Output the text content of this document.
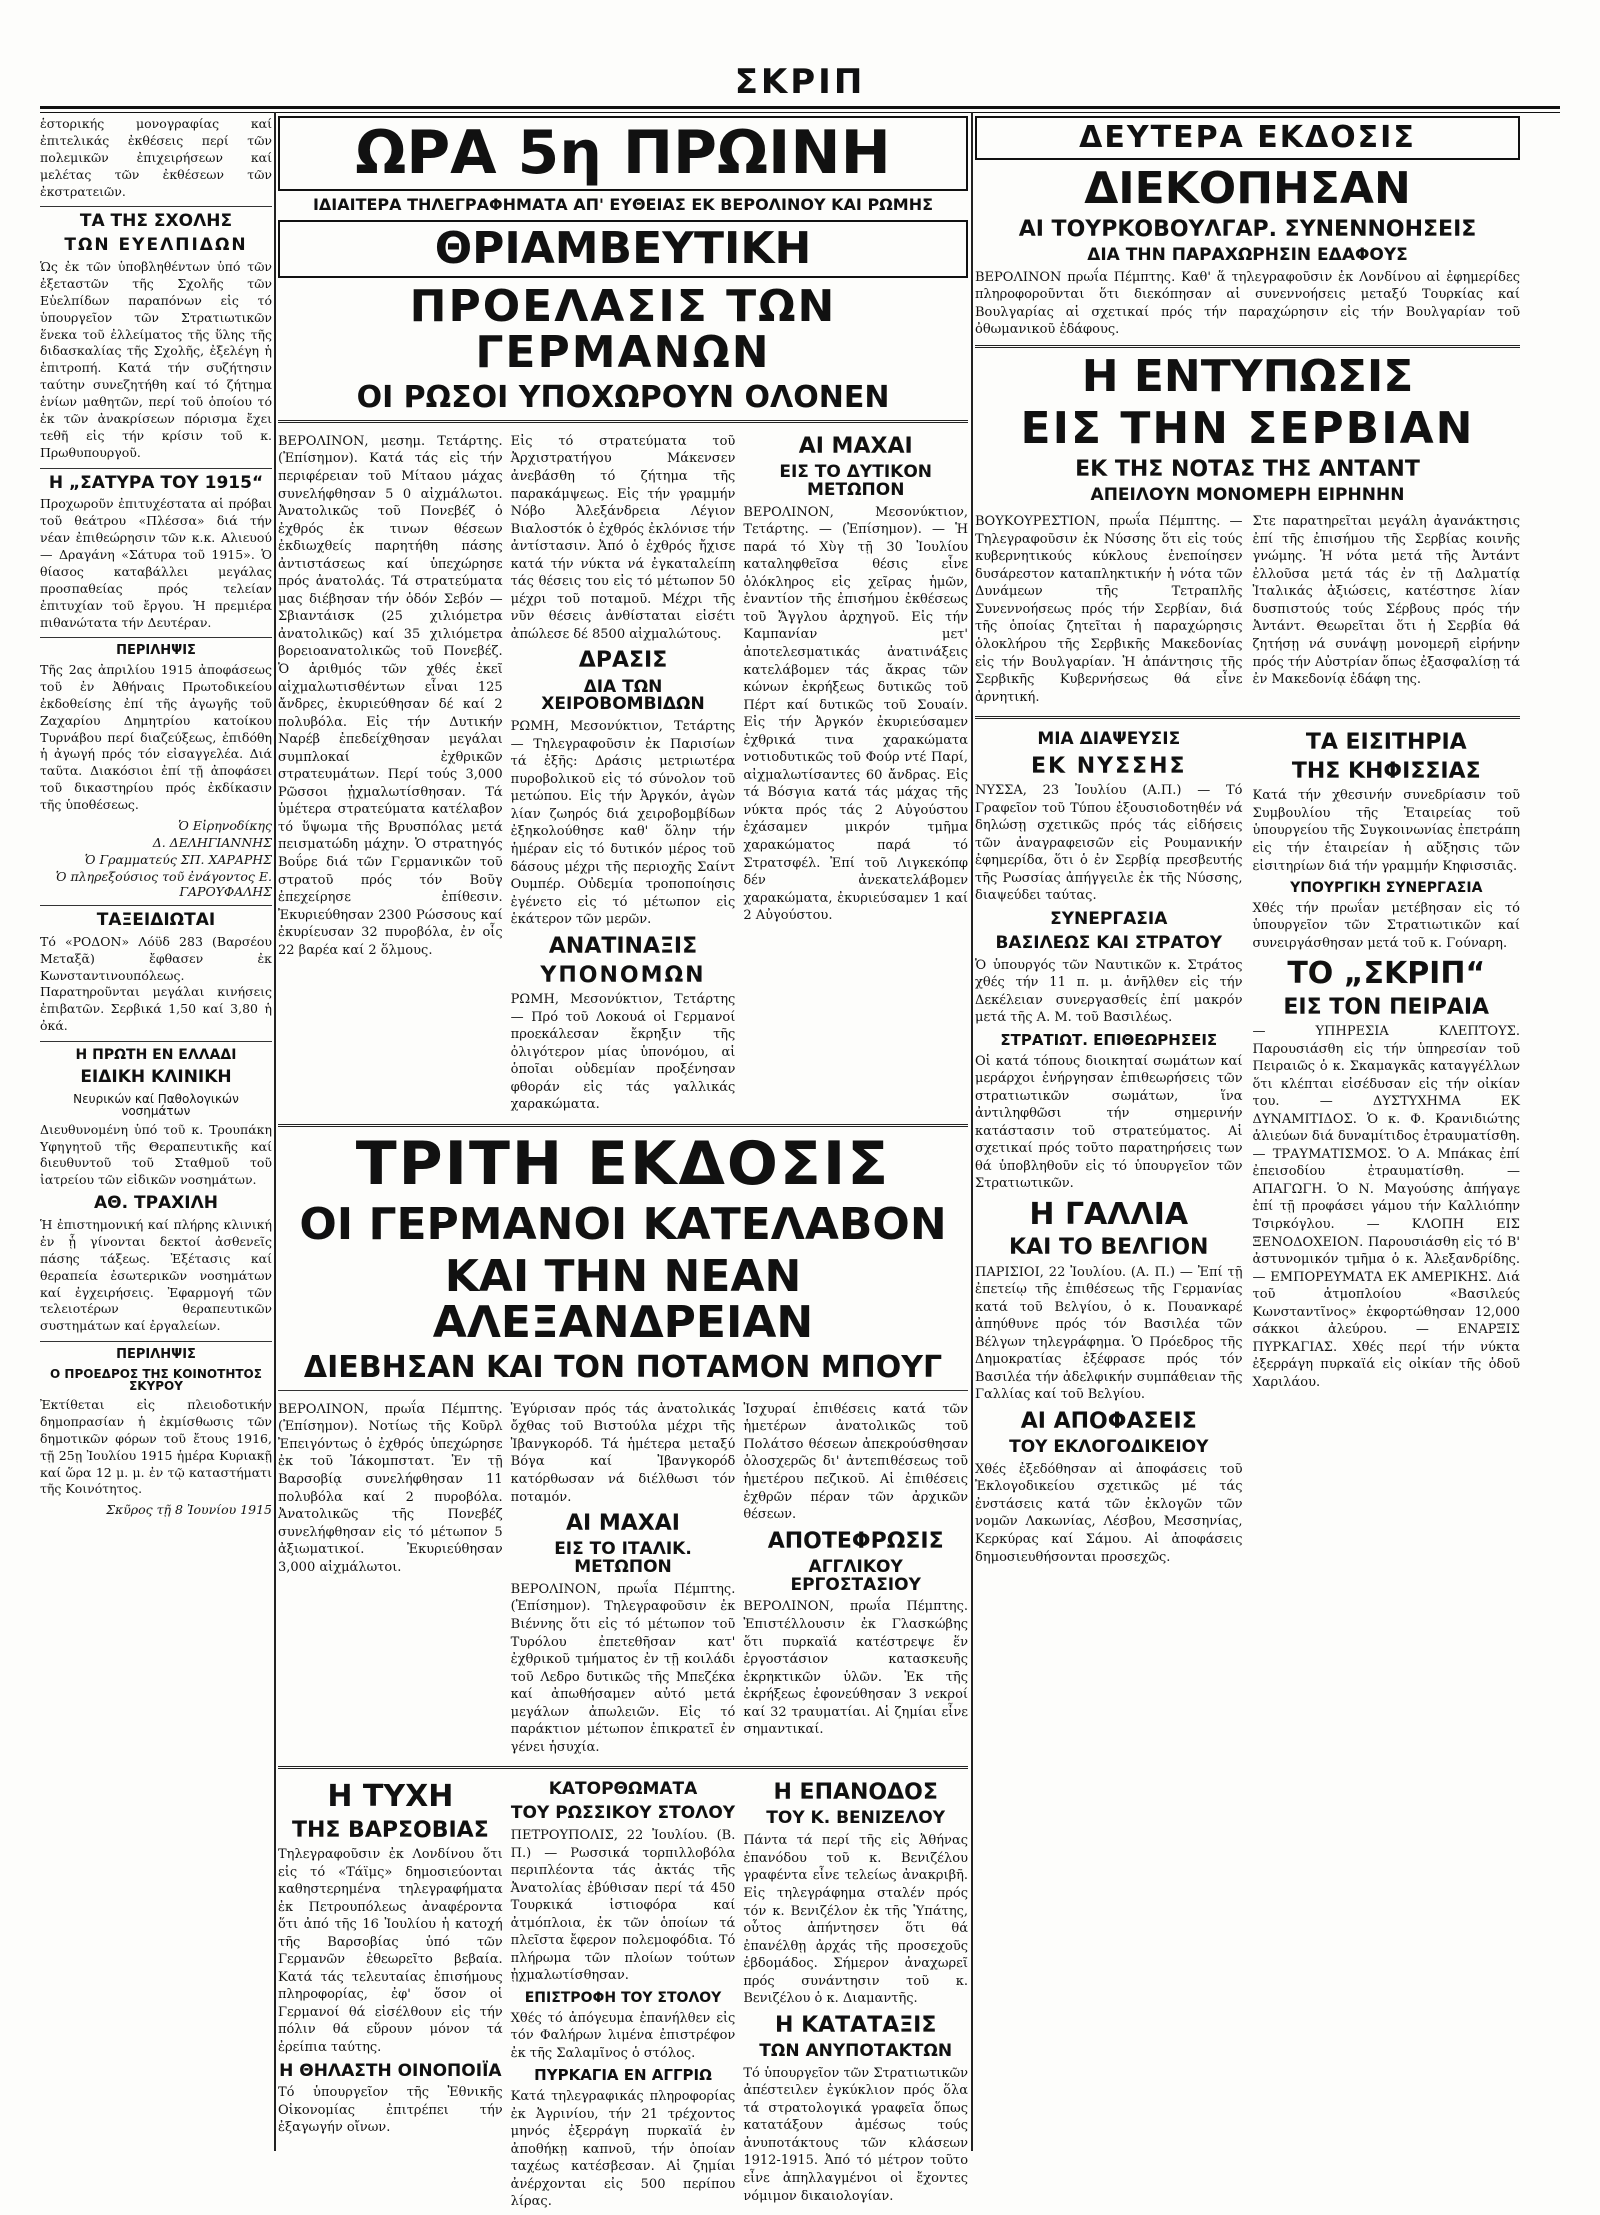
ΣΚΡΙΠ

ἑστορικής μονογραφίας καί ἐπιτελικάς ἐκθέσεις περί τῶν πολεμικῶν ἐπιχειρήσεων καί μελέτας τῶν ἐκθέσεων τῶν ἐκστρατειῶν.

ΤΑ ΤΗΣ ΣΧΟΛΗΣ
ΤΩΝ ΕΥΕΛΠΙΔΩΝ

Ὡς ἐκ τῶν ὑποβληθέντων ὑπό τῶν ἐξεταστῶν τῆς Σχολῆς τῶν Εὐελπίδων παραπόνων εἰς τό ὑπουργεῖον τῶν Στρατιωτικῶν ἕνεκα τοῦ ἐλλείματος τῆς ὕλης τῆς διδασκαλίας τῆς Σχολῆς, ἐξελέγη ἡ ἐπιτροπή. Κατά τήν συζήτησιν ταύτην συνεζητήθη καί τό ζήτημα ἑνίων μαθητῶν, περί τοῦ ὁποίου τό ἐκ τῶν ἀνακρίσεων πόρισμα ἔχει τεθῆ εἰς τήν κρίσιν τοῦ κ. Πρωθυπουργοῦ.

Η „ΣΑΤΥΡΑ ΤΟΥ 1915“

Προχωροῦν ἐπιτυχέστατα αἱ πρόβαι τοῦ θεάτρου «Πλέσσα» διά τήν νέαν ἐπιθεώρησιν τῶν κ.κ. Αλιευού — Δραγάνη «Σάτυρα τοῦ 1915». Ὁ θίασος καταβάλλει μεγάλας προσπαθείας πρός τελείαν ἐπιτυχίαν τοῦ ἔργου. Ἡ πρεμιέρα πιθανώτατα τήν Δευτέραν.

ΠΕΡΙΛΗΨΙΣ

Τῆς 2ας ἀπριλίου 1915 ἀποφάσεως τοῦ ἐν Ἀθήναις Πρωτοδικείου ἐκδοθείσης ἐπί τῆς ἀγωγῆς τοῦ Ζαχαρίου Δημητρίου κατοίκου Τυρνάβου περί διαζεύξεως, ἐπιδόθη ἡ ἀγωγή πρός τόν εἰσαγγελέα. Διά ταῦτα. Διακόσιοι ἐπί τῇ ἀποφάσει τοῦ δικαστηρίου πρός ἐκδίκασιν τῆς ὑποθέσεως.

Ὁ Εἰρηνοδίκης
Δ. ΔΕΛΗΓΙΑΝΝΗΣ
Ὁ Γραμματεύς ΣΠ. ΧΑΡΑΡΗΣ
Ὁ πληρεξούσιος τοῦ ἐνάγοντος Ε. ΓΑΡΟΥΦΑΛΗΣ
ΤΑΞΕΙΔΙΩΤΑΙ

Τό «ΡΟΔΟΝ» Λόϋδ 283 (Βαρσέου Μεταξᾶ) ἔφθασεν ἐκ Κωνσταντινουπόλεως. Παρατηροῦνται μεγάλαι κινήσεις ἐπιβατῶν. Σερβικά 1,50 καί 3,80 ἡ ὀκά.

Η ΠΡΩΤΗ ΕΝ ΕΛΛΑΔΙ
ΕΙΔΙΚΗ ΚΛΙΝΙΚΗ
Νευρικών καί Παθολογικών νοσημάτων

Διευθυνομένη ὑπό τοῦ κ. Τρουπάκη Υφηγητοῦ τῆς Θεραπευτικῆς καί διευθυντοῦ τοῦ Σταθμοῦ τοῦ ἰατρείου τῶν εἰδικῶν νοσημάτων.

ΑΘ. ΤΡΑΧΙΛΗ

Ἡ ἐπιστημονική καί πλήρης κλινική ἐν ᾗ γίνονται δεκτοί ἀσθενεῖς πάσης τάξεως. Ἐξέτασις καί θεραπεία ἐσωτερικῶν νοσημάτων καί ἐγχειρήσεις. Ἐφαρμογή τῶν τελειοτέρων θεραπευτικῶν συστημάτων καί ἐργαλείων.

ΠΕΡΙΛΗΨΙΣ
Ο ΠΡΟΕΔΡΟΣ ΤΗΣ ΚΟΙΝΟΤΗΤΟΣ ΣΚΥΡΟΥ

Ἐκτίθεται εἰς πλειοδοτικήν δημοπρασίαν ἡ ἐκμίσθωσις τῶν δημοτικῶν φόρων τοῦ ἔτους 1916, τῇ 25ῃ Ἰουλίου 1915 ἡμέρα Κυριακῇ καί ὥρα 12 μ. μ. ἐν τῷ καταστήματι τῆς Κοινότητος.

Σκῦρος τῇ 8 Ἰουνίου 1915
ΩΡΑ 5η ΠΡΩΙΝΗ
ΙΔΙΑΙΤΕΡΑ ΤΗΛΕΓΡΑΦΗΜΑΤΑ ΑΠ' ΕΥΘΕΙΑΣ ΕΚ ΒΕΡΟΛΙΝΟΥ ΚΑΙ ΡΩΜΗΣ
ΘΡΙΑΜΒΕΥΤΙΚΗ
ΠΡΟΕΛΑΣΙΣ ΤΩΝ ΓΕΡΜΑΝΩΝ
ΟΙ ΡΩΣΟΙ ΥΠΟΧΩΡΟΥΝ ΟΛΟΝΕΝ

ΒΕΡΟΛΙΝΟΝ, μεσημ. Τετάρτης. (Ἐπίσημον). Κατά τάς εἰς τήν περιφέρειαν τοῦ Μίταου μάχας συνελήφθησαν 5 0 αἰχμάλωτοι. Ἀνατολικῶς τοῦ Πονεβέζ ὁ ἐχθρός ἐκ τινων θέσεων ἐκδιωχθείς παρητήθη πάσης ἀντιστάσεως καί ὑπεχώρησε πρός ἀνατολάς. Τά στρατεύματα μας διέβησαν τήν ὁδόν Σεβόν — Σβιαντάισκ (25 χιλιόμετρα ἀνατολικῶς) καί 35 χιλιόμετρα βορειοανατολικῶς τοῦ Πονεβέζ. Ὁ ἀριθμός τῶν χθές ἐκεῖ αἰχμαλωτισθέντων εἶναι 125 ἄνδρες, ἐκυριεύθησαν δέ καί 2 πολυβόλα. Εἰς τήν Δυτικήν Ναρέβ ἐπεδείχθησαν μεγάλαι συμπλοκαί ἐχθρικῶν στρατευμάτων. Περί τούς 3,000 Ρῶσσοι ᾐχμαλωτίσθησαν. Τά ὑμέτερα στρατεύματα κατέλαβον τό ὕψωμα τῆς Βρυσπόλας μετά πεισματώδη μάχην. Ὁ στρατηγός Βοΰρε διά τῶν Γερμανικῶν τοῦ στρατοῦ πρός τόν Βοῦγ ἐπεχείρησε ἐπίθεσιν. Ἐκυριεύθησαν 2300 Ρώσσους καί ἐκυρίευσαν 32 πυροβόλα, ἐν οἷς 22 βαρέα καί 2 ὅλμους.

Εἰς τό στρατεύματα τοῦ Ἀρχιστρατήγου Μάκενσεν ἀνεβάσθη τό ζήτημα τῆς παρακάμψεως. Εἰς τήν γραμμήν Νόβο Ἀλεξάνδρεια Λέγιον Βιαλοστόκ ὁ ἐχθρός ἐκλόνισε τήν ἀντίστασιν. Ἀπό ὁ ἐχθρός ἤχισε κατά τήν νύκτα νά ἐγκαταλείπη τάς θέσεις του εἰς τό μέτωπον 50 μέχρι τοῦ ποταμοῦ. Μέχρι τῆς νῦν θέσεις ἀνθίσταται εἰσέτι ἀπώλεσε δέ 8500 αἰχμαλώτους.

ΔΡΑΣΙΣ
ΔΙΑ ΤΩΝ ΧΕΙΡΟΒΟΜΒΙΔΩΝ

ΡΩΜΗ, Μεσονύκτιον, Τετάρτης — Τηλεγραφοῦσιν ἐκ Παρισίων τά ἑξῆς: Δράσις μετριωτέρα πυροβολικοῦ εἰς τό σύνολον τοῦ μετώπου. Εἰς τήν Ἀργκόν, ἀγὼν λίαν ζωηρός διά χειροβομβίδων ἐξηκολούθησε καθ' ὅλην τήν ἡμέραν εἰς τό δυτικόν μέρος τοῦ δάσους μέχρι τῆς περιοχῆς Σαίντ Ουμπέρ. Οὐδεμία τροποποίησις ἐγένετο εἰς τό μέτωπον εἰς ἑκάτερον τῶν μερῶν.

ΑΝΑΤΙΝΑΞΙΣ
ΥΠΟΝΟΜΩΝ

ΡΩΜΗ, Μεσονύκτιον, Τετάρτης — Πρό τοῦ Λοκουά οἱ Γερμανοί προεκάλεσαν ἔκρηξιν τῆς ὀλιγότερον μίας ὑπονόμου, αἱ ὁποῖαι οὐδεμίαν προξένησαν φθοράν εἰς τάς γαλλικάς χαρακώματα.

ΑΙ ΜΑΧΑΙ
ΕΙΣ ΤΟ ΔΥΤΙΚΟΝ ΜΕΤΩΠΟΝ

ΒΕΡΟΛΙΝΟΝ, Μεσονύκτιον, Τετάρτης. — (Ἐπίσημον). — Ἡ παρά τό Χὺγ τῇ 30 Ἰουλίου καταληφθεῖσα θέσις εἶνε ὁλόκληρος εἰς χεῖρας ἡμῶν, ἐναντίον τῆς ἐπισήμου ἐκθέσεως τοῦ Ἄγγλου ἀρχηγοῦ. Εἰς τήν Καμπανίαν μετ' ἀποτελεσματικάς ἀνατινάξεις κατελάβομεν τάς ἄκρας τῶν κώνων ἐκρήξεως δυτικῶς τοῦ Πέρτ καί δυτικῶς τοῦ Σουαίν. Εἰς τήν Ἀργκόν ἐκυριεύσαμεν ἐχθρικά τινα χαρακώματα νοτιοδυτικῶς τοῦ Φούρ ντέ Παρί, αἰχμαλωτίσαντες 60 ἄνδρας. Εἰς τά Βόσγια κατά τάς μάχας τῆς νύκτα πρός τάς 2 Αὐγούστου ἐχάσαμεν μικρόν τμῆμα χαρακώματος παρά τό Στρατσφέλ. Ἐπί τοῦ Λιγκεκόπφ δέν ἀνεκατελάβομεν χαρακώματα, ἐκυριεύσαμεν 1 καί 2 Αὐγούστου.

ΤΡΙΤΗ ΕΚΔΟΣΙΣ
ΟΙ ΓΕΡΜΑΝΟΙ ΚΑΤΕΛΑΒΟΝ
ΚΑΙ ΤΗΝ ΝΕΑΝ ΑΛΕΞΑΝΔΡΕΙΑΝ
ΔΙΕΒΗΣΑΝ ΚΑΙ ΤΟΝ ΠΟΤΑΜΟΝ ΜΠΟΥΓ

ΒΕΡΟΛΙΝΟΝ, πρωΐα Πέμπτης. (Ἐπίσημον). Νοτίως τῆς Κοῦρλ Ἐπειγόντως ὁ ἐχθρός ὑπεχώρησε ἐκ τοῦ Ἰάκομπστατ. Ἐν τῇ Βαρσοβίᾳ συνελήφθησαν 11 πολυβόλα καί 2 πυροβόλα. Ἀνατολικῶς τῆς Πονεβέζ συνελήφθησαν εἰς τό μέτωπον 5 ἀξιωματικοί. Ἐκυριεύθησαν 3,000 αἰχμάλωτοι.

Ἐγύρισαν πρός τάς ἀνατολικάς ὄχθας τοῦ Βιστούλα μέχρι τῆς Ἰβανγκορόδ. Τά ἡμέτερα μεταξύ Βόγα καί Ἰβανγκορόδ κατόρθωσαν νά διέλθωσι τόν ποταμόν.

ΑΙ ΜΑΧΑΙ
ΕΙΣ ΤΟ ΙΤΑΛΙΚ. ΜΕΤΩΠΟΝ

ΒΕΡΟΛΙΝΟΝ, πρωΐα Πέμπτης. (Ἐπίσημον). Τηλεγραφοῦσιν ἐκ Βιέννης ὅτι εἰς τό μέτωπον τοῦ Τυρόλου ἐπετεθῆσαν κατ' ἐχθρικοῦ τμήματος ἐν τῇ κοιλάδι τοῦ Λεδρο δυτικῶς τῆς Μπεζέκα καί ἀπωθήσαμεν αὐτό μετά μεγάλων ἀπωλειῶν. Εἰς τό παράκτιον μέτωπον ἐπικρατεῖ ἐν γένει ἡσυχία.

Ἰσχυραί ἐπιθέσεις κατά τῶν ἡμετέρων ἀνατολικῶς τοῦ Πολάτσο θέσεων ἀπεκρούσθησαν ὁλοσχερῶς δι' ἀντεπιθέσεως τοῦ ἡμετέρου πεζικοῦ. Αἱ ἐπιθέσεις ἐχθρῶν πέραν τῶν ἀρχικῶν θέσεων.

ΑΠΟΤΕΦΡΩΣΙΣ
ΑΓΓΛΙΚΟΥ ΕΡΓΟΣΤΑΣΙΟΥ

ΒΕΡΟΛΙΝΟΝ, πρωΐα Πέμπτης. Ἐπιστέλλουσιν ἐκ Γλασκώβης ὅτι πυρκαϊά κατέστρεψε ἕν ἐργοστάσιον κατασκευῆς ἐκρηκτικῶν ὑλῶν. Ἐκ τῆς ἐκρήξεως ἐφονεύθησαν 3 νεκροί καί 32 τραυματίαι. Αἱ ζημίαι εἶνε σημαντικαί.

Η ΤΥΧΗ
ΤΗΣ ΒΑΡΣΟΒΙΑΣ

Τηλεγραφοῦσιν ἐκ Λονδίνου ὅτι εἰς τό «Τάϊμς» δημοσιεύονται καθηστερημένα τηλεγραφήματα ἐκ Πετρουπόλεως ἀναφέροντα ὅτι ἀπό τῆς 16 Ἰουλίου ἡ κατοχή τῆς Βαρσοβίας ὑπό τῶν Γερμανῶν ἐθεωρεῖτο βεβαία. Κατά τάς τελευταίας ἐπισήμους πληροφορίας, ἐφ' ὅσον οἱ Γερμανοί θά εἰσέλθουν εἰς τήν πόλιν θά εὕρουν μόνον τά ἐρείπια ταύτης.

Η ΘΗΛΑΣΤΗ ΟΙΝΟΠΟΙΪΑ

Τό ὑπουργεῖον τῆς Ἐθνικῆς Οἰκονομίας ἐπιτρέπει τήν ἐξαγωγήν οἴνων.

ΚΑΤΟΡΘΩΜΑΤΑ
ΤΟΥ ΡΩΣΣΙΚΟΥ ΣΤΟΛΟΥ

ΠΕΤΡΟΥΠΟΛΙΣ, 22 Ἰουλίου. (Β. Π.) — Ρωσσικά τορπιλλοβόλα περιπλέοντα τάς ἀκτάς τῆς Ἀνατολίας ἐβύθισαν περί τά 450 Τουρκικά ἱστιοφόρα καί ἀτμόπλοια, ἐκ τῶν ὁποίων τά πλεῖστα ἔφερον πολεμοφόδια. Τό πλήρωμα τῶν πλοίων τούτων ᾐχμαλωτίσθησαν.

ΕΠΙΣΤΡΟΦΗ ΤΟΥ ΣΤΟΛΟΥ

Χθές τό ἀπόγευμα ἐπανήλθεν εἰς τόν Φαλήρων λιμένα ἐπιστρέφον ἐκ τῆς Σαλαμῖνος ὁ στόλος.

ΠΥΡΚΑΓΙΑ ΕΝ ΑΓΓΡΙΩ

Κατά τηλεγραφικάς πληροφορίας ἐκ Ἀγρινίου, τήν 21 τρέχοντος μηνός ἐξερράγη πυρκαϊά ἐν ἀποθήκῃ καπνοῦ, τήν ὁποίαν ταχέως κατέσβεσαν. Αἱ ζημίαι ἀνέρχονται εἰς 500 περίπου λίρας.

Η ΕΠΑΝΟΔΟΣ
ΤΟΥ Κ. ΒΕΝΙΖΕΛΟΥ

Πάντα τά περί τῆς εἰς Ἀθήνας ἐπανόδου τοῦ κ. Βενιζέλου γραφέντα εἶνε τελείως ἀνακριβῆ. Εἰς τηλεγράφημα σταλέν πρός τόν κ. Βενιζέλον ἐκ τῆς Ὑπάτης, οὗτος ἀπήντησεν ὅτι θά ἐπανέλθῃ ἀρχάς τῆς προσεχοῦς ἑβδομάδος. Σήμερον ἀναχωρεῖ πρός συνάντησιν τοῦ κ. Βενιζέλου ὁ κ. Διαμαντῆς.

Η ΚΑΤΑΤΑΞΙΣ
ΤΩΝ ΑΝΥΠΟΤΑΚΤΩΝ

Τό ὑπουργεῖον τῶν Στρατιωτικῶν ἀπέστειλεν ἐγκύκλιον πρός ὅλα τά στρατολογικά γραφεῖα ὅπως κατατάξουν ἀμέσως τούς ἀνυποτάκτους τῶν κλάσεων 1912-1915. Ἀπό τό μέτρον τοῦτο εἶνε ἀπηλλαγμένοι οἱ ἔχοντες νόμιμον δικαιολογίαν.

ΔΕΥΤΕΡΑ ΕΚΔΟΣΙΣ
ΔΙΕΚΟΠΗΣΑΝ
ΑΙ ΤΟΥΡΚΟΒΟΥΛΓΑΡ. ΣΥΝΕΝΝΟΗΣΕΙΣ
ΔΙΑ ΤΗΝ ΠΑΡΑΧΩΡΗΣΙΝ ΕΔΑΦΟΥΣ

ΒΕΡΟΛΙΝΟΝ πρωΐα Πέμπτης. Καθ' ἅ τηλεγραφοῦσιν ἐκ Λονδίνου αἱ ἐφημερίδες πληροφοροῦνται ὅτι διεκόπησαν αἱ συνεννοήσεις μεταξύ Τουρκίας καί Βουλγαρίας αἱ σχετικαί πρός τήν παραχώρησιν εἰς τήν Βουλγαρίαν τοῦ ὀθωμανικοῦ ἐδάφους.

Η ΕΝΤΥΠΩΣΙΣ
ΕΙΣ ΤΗΝ ΣΕΡΒΙΑΝ
ΕΚ ΤΗΣ ΝΟΤΑΣ ΤΗΣ ΑΝΤΑΝΤ
ΑΠΕΙΛΟΥΝ ΜΟΝΟΜΕΡΗ ΕΙΡΗΝΗΝ

ΒΟΥΚΟΥΡΕΣΤΙΟΝ, πρωΐα Πέμπτης. — Τηλεγραφοῦσιν ἐκ Νύσσης ὅτι εἰς τούς κυβερνητικούς κύκλους ἐνεποίησεν δυσάρεστον καταπληκτικήν ἡ νότα τῶν Δυνάμεων τῆς Τετραπλῆς Συνεννοήσεως πρός τήν Σερβίαν, διά τῆς ὁποίας ζητεῖται ἡ παραχώρησις ὁλοκλήρου τῆς Σερβικῆς Μακεδονίας εἰς τήν Βουλγαρίαν. Ἡ ἀπάντησις τῆς Σερβικῆς Κυβερνήσεως θά εἶνε ἀρνητική.

Στε παρατηρεῖται μεγάλη ἀγανάκτησις ἐπί τῆς ἐπισήμου τῆς Σερβίας κοινῆς γνώμης. Ἡ νότα μετά τῆς Ἀντάντ ἐλλοῦσα μετά τάς ἐν τῇ Δαλματίᾳ Ἰταλικάς ἀξιώσεις, κατέστησε λίαν δυσπιστούς τούς Σέρβους πρός τήν Ἀντάντ. Θεωρεῖται ὅτι ἡ Σερβία θά ζητήσῃ νά συνάψῃ μονομερῆ εἰρήνην πρός τήν Αὐστρίαν ὅπως ἐξασφαλίσῃ τά ἐν Μακεδονίᾳ ἐδάφη της.

ΜΙΑ ΔΙΑΨΕΥΣΙΣ
ΕΚ ΝΥΣΣΗΣ

ΝΥΣΣΑ, 23 Ἰουλίου (Α.Π.) — Τό Γραφεῖον τοῦ Τύπου ἐξουσιοδοτηθέν νά δηλώσῃ σχετικῶς πρός τάς εἰδήσεις τῶν ἀναγραφεισῶν εἰς Ρουμανικήν ἐφημερίδα, ὅτι ὁ ἐν Σερβίᾳ πρεσβευτής τῆς Ρωσσίας ἀπήγγειλε ἐκ τῆς Νύσσης, διαψεύδει ταύτας.

ΣΥΝΕΡΓΑΣΙΑ
ΒΑΣΙΛΕΩΣ ΚΑΙ ΣΤΡΑΤΟΥ

Ὁ ὑπουργός τῶν Ναυτικῶν κ. Στράτος χθές τήν 11 π. μ. ἀνῆλθεν εἰς τήν Δεκέλειαν συνεργασθείς ἐπί μακρόν μετά τῆς Α. Μ. τοῦ Βασιλέως.

ΣΤΡΑΤΙΩΤ. ΕΠΙΘΕΩΡΗΣΕΙΣ

Οἱ κατά τόπους διοικηταί σωμάτων καί μεράρχοι ἐνήργησαν ἐπιθεωρήσεις τῶν στρατιωτικῶν σωμάτων, ἵνα ἀντιληφθῶσι τήν σημερινήν κατάστασιν τοῦ στρατεύματος. Αἱ σχετικαί πρός τοῦτο παρατηρήσεις των θά ὑποβληθοῦν εἰς τό ὑπουργεῖον τῶν Στρατιωτικῶν.

Η ΓΑΛΛΙΑ
ΚΑΙ ΤΟ ΒΕΛΓΙΟΝ

ΠΑΡΙΣΙΟΙ, 22 Ἰουλίου. (Α. Π.) — Ἐπί τῇ ἐπετείῳ τῆς ἐπιθέσεως τῆς Γερμανίας κατά τοῦ Βελγίου, ὁ κ. Πουανκαρέ ἀπηύθυνε πρός τόν Βασιλέα τῶν Βέλγων τηλεγράφημα. Ὁ Πρόεδρος τῆς Δημοκρατίας ἐξέφρασε πρός τόν Βασιλέα τήν ἀδελφικήν συμπάθειαν τῆς Γαλλίας καί τοῦ Βελγίου.

ΑΙ ΑΠΟΦΑΣΕΙΣ
ΤΟΥ ΕΚΛΟΓΟΔΙΚΕΙΟΥ

Χθές ἐξεδόθησαν αἱ ἀποφάσεις τοῦ Ἐκλογοδικείου σχετικῶς μέ τάς ἐνστάσεις κατά τῶν ἐκλογῶν τῶν νομῶν Λακωνίας, Λέσβου, Μεσσηνίας, Κερκύρας καί Σάμου. Αἱ ἀποφάσεις δημοσιευθήσονται προσεχῶς.

ΤΑ ΕΙΣΙΤΗΡΙΑ
ΤΗΣ ΚΗΦΙΣΣΙΑΣ

Κατά τήν χθεσινήν συνεδρίασιν τοῦ Συμβουλίου τῆς Ἑταιρείας τοῦ ὑπουργείου τῆς Συγκοινωνίας ἐπετράπη εἰς τήν ἑταιρείαν ἡ αὔξησις τῶν εἰσιτηρίων διά τήν γραμμήν Κηφισσιᾶς.

ΥΠΟΥΡΓΙΚΗ ΣΥΝΕΡΓΑΣΙΑ

Χθές τήν πρωΐαν μετέβησαν εἰς τό ὑπουργεῖον τῶν Στρατιωτικῶν καί συνειργάσθησαν μετά τοῦ κ. Γούναρη.

ΤΟ „ΣΚΡΙΠ“
ΕΙΣ ΤΟΝ ΠΕΙΡΑΙΑ

— ΥΠΗΡΕΣΙΑ ΚΛΕΠΤΟΥΣ. Παρουσιάσθη εἰς τήν ὑπηρεσίαν τοῦ Πειραιῶς ὁ κ. Σκαμαγκᾶς καταγγέλλων ὅτι κλέπται εἰσέδυσαν εἰς τήν οἰκίαν του. — ΔΥΣΤΥΧΗΜΑ ΕΚ ΔΥΝΑΜΙΤΙΔΟΣ. Ὁ κ. Φ. Κρανιδιώτης ἁλιεύων διά δυναμίτιδος ἐτραυματίσθη. — ΤΡΑΥΜΑΤΙΣΜΟΣ. Ὁ Α. Μπάκας ἐπί ἐπεισοδίου ἐτραυματίσθη. — ΑΠΑΓΩΓΗ. Ὁ Ν. Μαγούσης ἀπήγαγε ἐπί τῇ προφάσει γάμου τήν Καλλιόπην Τσιρκόγλου. — ΚΛΟΠΗ ΕΙΣ ΞΕΝΟΔΟΧΕΙΟΝ. Παρουσιάσθη εἰς τό Β' ἀστυνομικόν τμῆμα ὁ κ. Ἀλεξανδρίδης. — ΕΜΠΟΡΕΥΜΑΤΑ ΕΚ ΑΜΕΡΙΚΗΣ. Διά τοῦ ἀτμοπλοίου «Βασιλεύς Κωνσταντῖνος» ἐκφορτώθησαν 12,000 σάκκοι ἀλεύρου. — ΕΝΑΡΞΙΣ ΠΥΡΚΑΓΙΑΣ. Χθές περί τήν νύκτα ἐξερράγη πυρκαϊά εἰς οἰκίαν τῆς ὁδοῦ Χαριλάου.
